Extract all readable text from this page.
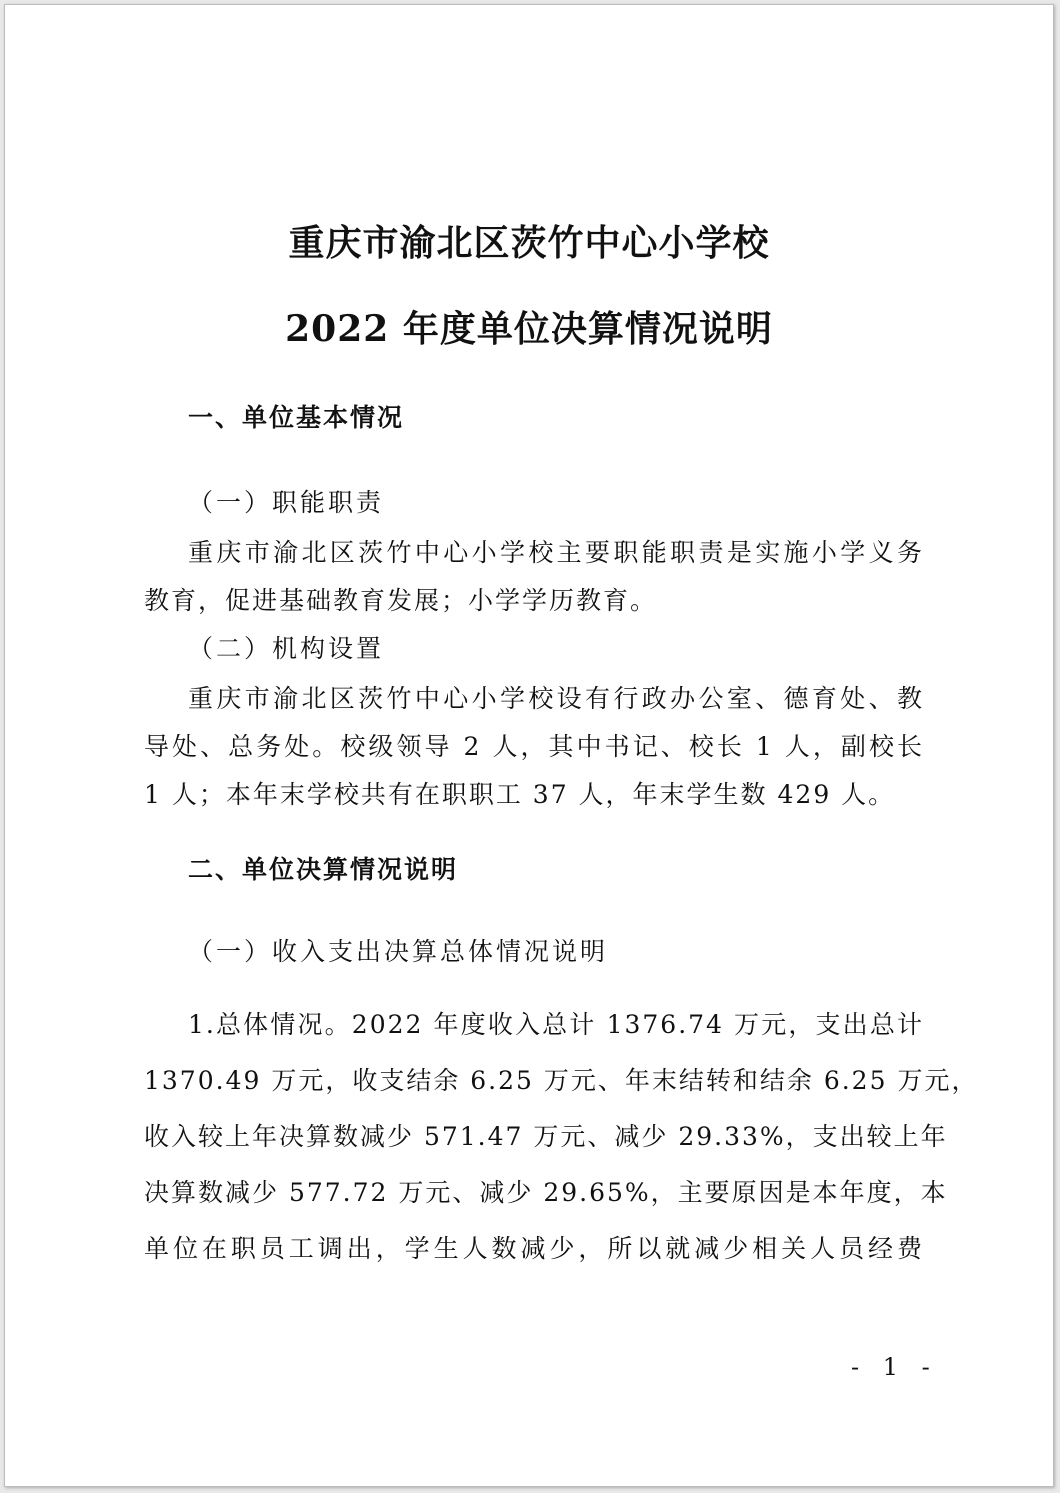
重庆市渝北区茨竹中心小学校
2022 年度单位决算情况说明
一、单位基本情况
（一）职能职责
重庆市渝北区茨竹中心小学校主要职能职责是实施小学义务
教育，促进基础教育发展；小学学历教育。
（二）机构设置
重庆市渝北区茨竹中心小学校设有行政办公室、德育处、教
导处、总务处。校级领导 2 人，其中书记、校长 1 人，副校长
1 人；本年末学校共有在职职工 37 人，年末学生数 429 人。
二、单位决算情况说明
（一）收入支出决算总体情况说明
1.总体情况。2022 年度收入总计 1376.74 万元，支出总计
1370.49 万元，收支结余 6.25 万元、年末结转和结余 6.25 万元，
收入较上年决算数减少 571.47 万元、减少 29.33%，支出较上年
决算数减少 577.72 万元、减少 29.65%，主要原因是本年度，本
单位在职员工调出，学生人数减少，所以就减少相关人员经费
- 1 -
